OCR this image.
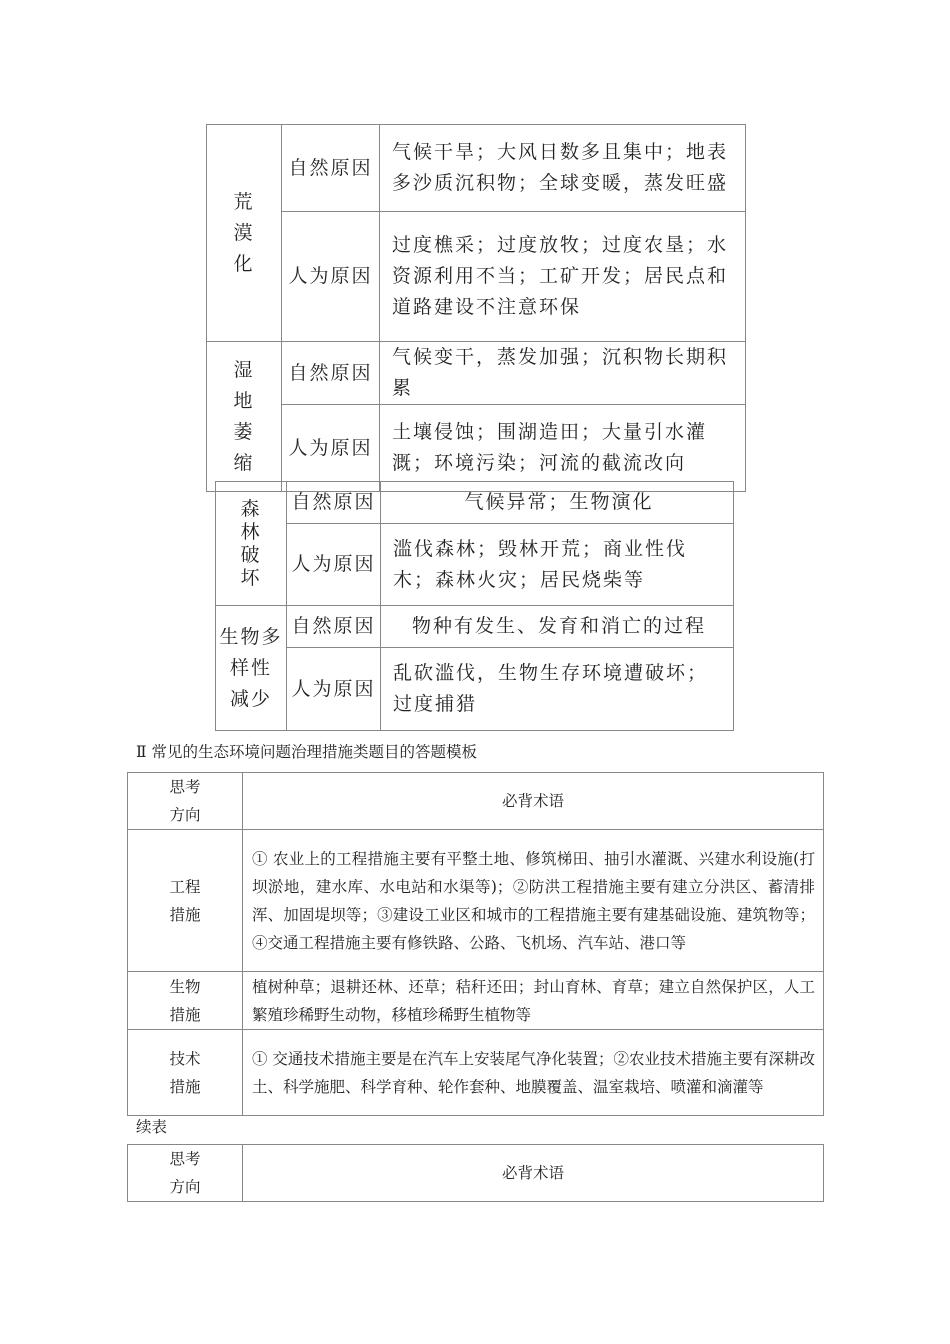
荒
漠
化	自然原因	气候干旱；大风日数多且集中；地表多沙质沉积物；全球变暖，蒸发旺盛
	人为原因	过度樵采；过度放牧；过度农垦；水资源利用不当；工矿开发；居民点和道路建设不注意环保

湿
地
萎
缩	自然原因	气候变干，蒸发加强；沉积物长期积累
	人为原因	土壤侵蚀；围湖造田；大量引水灌溉；环境污染；河流的截流改向
森
林
破
坏	自然原因	气候异常；生物演化
	人为原因	滥伐森林；毁林开荒；商业性伐木；森林火灾；居民烧柴等

生物多
样性
减少	自然原因	物种有发生、发育和消亡的过程
	人为原因	乱砍滥伐，生物生存环境遭破坏；过度捕猎
Ⅱ 常见的生态环境问题治理措施类题目的答题模板
思考
方向	必背术语

工程
措施	① 农业上的工程措施主要有平整土地、修筑梯田、抽引水灌溉、兴建水利设施(打坝淤地，建水库、水电站和水渠等)；②防洪工程措施主要有建立分洪区、蓄清排浑、加固堤坝等；③建设工业区和城市的工程措施主要有建基础设施、建筑物等；④交通工程措施主要有修铁路、公路、飞机场、汽车站、港口等

生物
措施	植树种草；退耕还林、还草；秸秆还田；封山育林、育草；建立自然保护区，人工繁殖珍稀野生动物，移植珍稀野生植物等

技术
措施	① 交通技术措施主要是在汽车上安装尾气净化装置；②农业技术措施主要有深耕改土、科学施肥、科学育种、轮作套种、地膜覆盖、温室栽培、喷灌和滴灌等
续表
思考
方向
	必背术语
